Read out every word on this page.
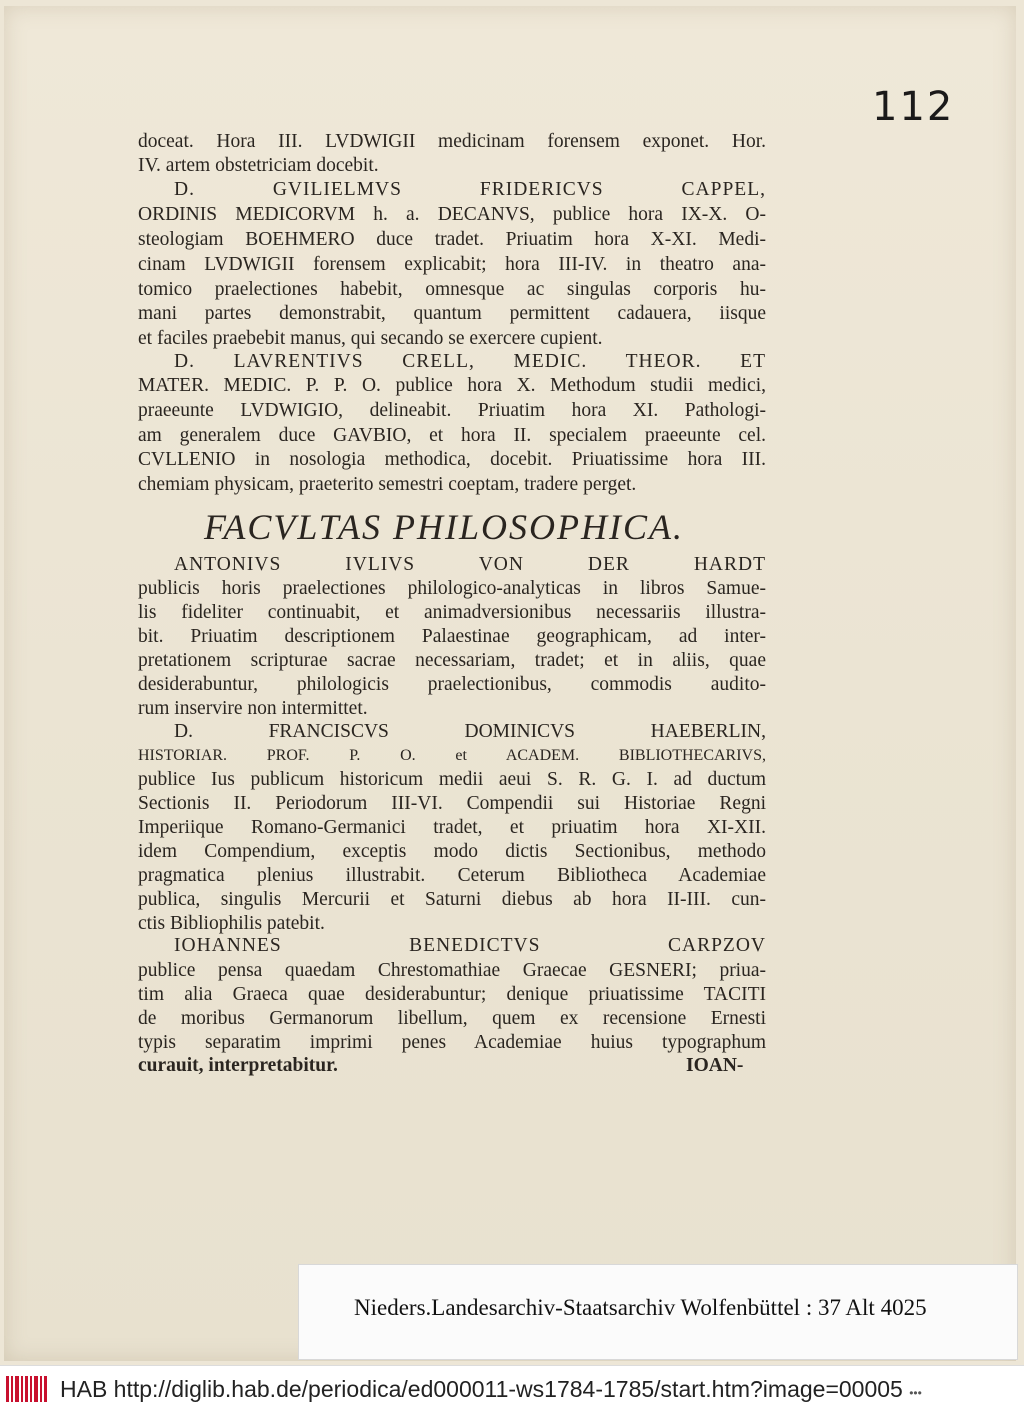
112
doceat. Hora III. LVDWIGII medicinam forensem exponet. Hor.
IV. artem obstetriciam docebit.
D. GVILIELMVS FRIDERICVS CAPPEL,
ORDINIS MEDICORVM h. a. DECANVS, publice hora IX-X. O-
steologiam BOEHMERO duce tradet. Priuatim hora X-XI. Medi-
cinam LVDWIGII forensem explicabit; hora III-IV. in theatro ana-
tomico praelectiones habebit, omnesque ac singulas corporis hu-
mani partes demonstrabit, quantum permittent cadauera, iisque
et faciles praebebit manus, qui secando se exercere cupient.
D. LAVRENTIVS CRELL, MEDIC. THEOR. ET
MATER. MEDIC. P. P. O. publice hora X. Methodum studii medici,
praeeunte LVDWIGIO, delineabit. Priuatim hora XI. Pathologi-
am generalem duce GAVBIO, et hora II. specialem praeeunte cel.
CVLLENIO in nosologia methodica, docebit. Priuatissime hora III.
chemiam physicam, praeterito semestri coeptam, tradere perget.
FACVLTAS PHILOSOPHICA.
ANTONIVS IVLIVS VON DER HARDT
publicis horis praelectiones philologico-analyticas in libros Samue-
lis fideliter continuabit, et animadversionibus necessariis illustra-
bit. Priuatim descriptionem Palaestinae geographicam, ad inter-
pretationem scripturae sacrae necessariam, tradet; et in aliis, quae
desiderabuntur, philologicis praelectionibus, commodis audito-
rum inservire non intermittet.
D. FRANCISCVS DOMINICVS HAEBERLIN,
HISTORIAR. PROF. P. O. et ACADEM. BIBLIOTHECARIVS,
publice Ius publicum historicum medii aeui S. R. G. I. ad ductum
Sectionis II. Periodorum III-VI. Compendii sui Historiae Regni
Imperiique Romano-Germanici tradet, et priuatim hora XI-XII.
idem Compendium, exceptis modo dictis Sectionibus, methodo
pragmatica plenius illustrabit. Ceterum Bibliotheca Academiae
publica, singulis Mercurii et Saturni diebus ab hora II-III. cun-
ctis Bibliophilis patebit.
IOHANNES BENEDICTVS CARPZOV
publice pensa quaedam Chrestomathiae Graecae GESNERI; priua-
tim alia Graeca quae desiderabuntur; denique priuatissime TACITI
de moribus Germanorum libellum, quem ex recensione Ernesti
typis separatim imprimi penes Academiae huius typographum
curauit, interpretabitur.	IOAN-
Nieders.Landesarchiv-Staatsarchiv Wolfenbüttel : 37 Alt 4025
HAB http://diglib.hab.de/periodica/ed000011-ws1784-1785/start.htm?image=00005 •••
